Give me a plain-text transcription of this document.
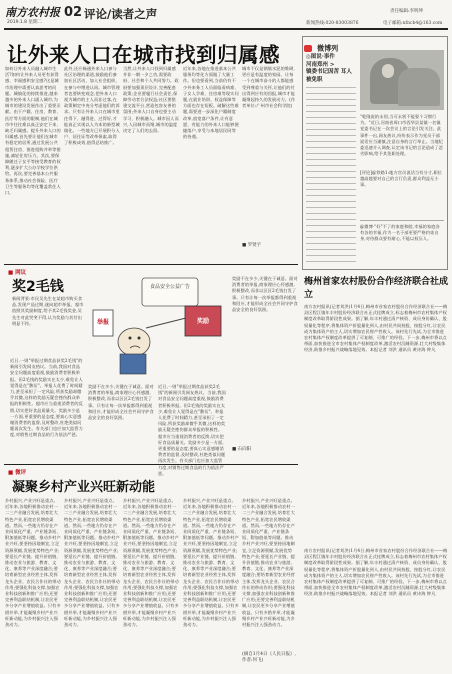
南方农村报
2019.1.8 星期二
02 评论/读者之声	责任编辑:李明坤
新闻热线:020-83003876	电子邮箱:nfncb4@163.com
让外来人口在城市找到归属感
如何让外来人员融入城市生活?如何让外来人员更有获得感、幸福感和安全感?这是城市治理中需要认真思考的问题。城镇化的持续推进,越来越多的外来人口涌入城市,为城市的建设发展作出了重要贡献。由于户籍、住房、教育、医疗等方面的限制,他们在城市中往往难以真正安定下来,缺乏归属感。提升外来人口的归属感,首先要让他们在城市有稳定的居所,通过发展公共租赁住房、推进租购并举等措施,减轻住房压力。其次,要保障随迁子女平等接受教育的权利,逐步扩大公办学校学位供给。再次,要完善基本公共服务体系,推动社会保险、医疗卫生等服务均等化覆盖常住人口。
此外,还应畅通外来人口参与社区治理的渠道,鼓励他们参加社区活动、加入社会组织,在参与中增进认同。城市管理者也要转变观念,把外来人口视为城市的主人而非过客,在政策制定中充分考虑他们的诉求。只有让外来人口在城市里住得下、融得进、过得好,才能真正实现以人为本的新型城镇化。一些地方已开展积分入户、居住证等改革探索,取得了积极成效,值得总结推广。
当然,让外来人口找到归属感并非一朝一夕之功,需要政府、社会和个人共同努力。政府要加强顶层设计,完善配套政策;企业要履行社会责任,保障劳动者合法权益;社区要搭建交流平台,营造包容友善的氛围;外来人口自身也要主动学习、积极融入。城市因人而兴,人因城市而聚,城市的温度决定了人们的去留。
近年来,各地在推进基本公共服务均等化方面做了大量工作。但也要看到,当前仍有不少外来务工人员面临看病难、子女入学难、住房难等现实问题,在就业培训、权益保障等方面也存在短板。破解这些难题,需要进一步深化户籍制度改革,放宽落户条件,让有意愿、有能力的外来人口能够便捷落户,享受与本地居民同等的待遇。
城市不仅是钢筋水泥的堆砌,更应是有温度的家园。让每一个在城市奋斗的人都能感受到尊重与关怀,让他们的付出得到应有的回报,城市才能凝聚起持久的发展动力。(作者单位:广州市社会科学院)
■ 罗贤宇
微博列
◎图说·事件
河南郑州 >
镇委书记因苦 耳人被免职
"乾隆说的永别,当可永别不能耍个习惯行为。"近日,河南省周口市西华县某镇一名镇党委书记在一次会议上的言论引发关注。此事件一出,网友热议,纷纷表示作为党员干部说话应当谨慎,注意自身的言行举止。当地纪委迅速介入调查,认定该书记的言论造成了恶劣影响,给予其免职处理。
[评论]@铁路1:地方官员说话当有分寸,职位越高越要对自己的言行负责,群众利益无小事。
@微博·"好"不了的家庭和睦,幸福的家庭各有各的幸福,作为一名干部更要严格约束自身,对待群众要有耐心,不能以权压人。
梅州首家农村股份合作经济联合社成立
南方农村报讯(记者刘洪)1月4日,梅州市首家农村股份合作经济联合社——梅县区程江镇年丰村股份经济联合社正式挂牌成立,标志着梅州市农村集体产权制度改革取得阶段性成果。据了解,年丰村通过清产核资、成员身份确认、股权量化等程序,将集体资产折股量化到人,由村民共同持股、按股分红,让农民成为集体资产的主人,切实增加农民财产性收入。该村先行先试,为全市推进农村集体产权制度改革提供了可复制、可推广的经验。下一步,梅州市将以点带面,加快推进全市农村集体产权制度改革,激活农村沉睡资源,壮大村级集体经济,助推乡村振兴战略落地见效。本报记者 刘洪 通讯员 黄诗海 钟凡
南方农村报讯(记者刘洪)1月4日,梅州市首家农村股份合作经济联合社——梅县区程江镇年丰村股份经济联合社正式挂牌成立,标志着梅州市农村集体产权制度改革取得阶段性成果。据了解,年丰村通过清产核资、成员身份确认、股权量化等程序,将集体资产折股量化到人,由村民共同持股、按股分红,让农民成为集体资产的主人,切实增加农民财产性收入。该村先行先试,为全市推进农村集体产权制度改革提供了可复制、可推广的经验。下一步,梅州市将以点带面,加快推进全市农村集体产权制度改革,激活农村沉睡资源,壮大村级集体经济,助推乡村振兴战略落地见效。本报记者 刘洪 通讯员 黄诗海 钟凡
■ 网议
奖2毛钱
新闻背景:市民吴先生在某超市购买食品,发现产品过期,遂向超市举报。超市依照其奖励制度,给予其2毛钱奖金,吴先生对此哭笑不得,认为奖励与其付出明显不符。
近日,一则"举报过期食品获奖2毛钱"的新闻引发网友热议。当前,我国对食品安全问题高度重视,鼓励消费者积极举报。但2毛钱的奖励实在太少,难免让人觉得是在"敷衍"。举报人花费了时间精力,甚至承担了一定风险,所获奖励却微乎其微,这样的奖励无疑会挫伤群众举报的积极性。超市应当重视消费者的反馈,切实把好食品质量关。奖励多少是一方面,更重要的是态度,要真心实意感谢消费者的监督,及时整改,杜绝类似问题再次发生。有关部门也应加大监管力度,对销售过期食品的行为依法严惩。
奖励不在多少,关键在于诚意。面对消费者的举报,商家理应心怀感激,积极整改,而非以区区2毛钱打发了事。只有让每一次举报都得到重视和回应,才能形成全社会共同守护食品安全的良好氛围。
食品安全公益广告
举报	奖励
近日,一则"举报过期食品获奖2毛钱"的新闻引发网友热议。当前,我国对食品安全问题高度重视,鼓励消费者积极举报。但2毛钱的奖励实在太少,难免让人觉得是在"敷衍"。举报人花费了时间精力,甚至承担了一定风险,所获奖励却微乎其微,这样的奖励无疑会挫伤群众举报的积极性。超市应当重视消费者的反馈,切实把好食品质量关。奖励多少是一方面,更重要的是态度,要真心实意感谢消费者的监督,及时整改,杜绝类似问题再次发生。有关部门也应加大监管力度,对销售过期食品的行为依法严惩。
奖励不在多少,关键在于诚意。面对消费者的举报,商家理应心怀感激,积极整改,而非以区区2毛钱打发了事。只有让每一次举报都得到重视和回应,才能形成全社会共同守护食品安全的良好氛围。
■ 石向阳
■ 微评
凝聚乡村产业兴旺新动能
乡村振兴,产业兴旺是重点。近年来,各地积极推动农村一二三产业融合发展,培育壮大特色产业,拓宽农民增收渠道。然而,一些地方仍存在产业同质化严重、产业链条短、附加值低等问题。推动乡村产业兴旺,要坚持因地制宜,立足资源禀赋,发展优势特色产业;要延长产业链、提升价值链,推动农业与旅游、教育、文化、康养等产业深度融合;要培育新型农业经营主体,发挥龙头企业、农民合作社的带动作用;要强化科技支撑,加强农业科技创新和推广应用;还要完善利益联结机制,让农民更多分享产业增值收益。只有多措并举,才能凝聚乡村产业兴旺新动能,为乡村振兴注入强劲动力。
乡村振兴,产业兴旺是重点。近年来,各地积极推动农村一二三产业融合发展,培育壮大特色产业,拓宽农民增收渠道。然而,一些地方仍存在产业同质化严重、产业链条短、附加值低等问题。推动乡村产业兴旺,要坚持因地制宜,立足资源禀赋,发展优势特色产业;要延长产业链、提升价值链,推动农业与旅游、教育、文化、康养等产业深度融合;要培育新型农业经营主体,发挥龙头企业、农民合作社的带动作用;要强化科技支撑,加强农业科技创新和推广应用;还要完善利益联结机制,让农民更多分享产业增值收益。只有多措并举,才能凝聚乡村产业兴旺新动能,为乡村振兴注入强劲动力。
乡村振兴,产业兴旺是重点。近年来,各地积极推动农村一二三产业融合发展,培育壮大特色产业,拓宽农民增收渠道。然而,一些地方仍存在产业同质化严重、产业链条短、附加值低等问题。推动乡村产业兴旺,要坚持因地制宜,立足资源禀赋,发展优势特色产业;要延长产业链、提升价值链,推动农业与旅游、教育、文化、康养等产业深度融合;要培育新型农业经营主体,发挥龙头企业、农民合作社的带动作用;要强化科技支撑,加强农业科技创新和推广应用;还要完善利益联结机制,让农民更多分享产业增值收益。只有多措并举,才能凝聚乡村产业兴旺新动能,为乡村振兴注入强劲动力。
乡村振兴,产业兴旺是重点。近年来,各地积极推动农村一二三产业融合发展,培育壮大特色产业,拓宽农民增收渠道。然而,一些地方仍存在产业同质化严重、产业链条短、附加值低等问题。推动乡村产业兴旺,要坚持因地制宜,立足资源禀赋,发展优势特色产业;要延长产业链、提升价值链,推动农业与旅游、教育、文化、康养等产业深度融合;要培育新型农业经营主体,发挥龙头企业、农民合作社的带动作用;要强化科技支撑,加强农业科技创新和推广应用;还要完善利益联结机制,让农民更多分享产业增值收益。只有多措并举,才能凝聚乡村产业兴旺新动能,为乡村振兴注入强劲动力。
乡村振兴,产业兴旺是重点。近年来,各地积极推动农村一二三产业融合发展,培育壮大特色产业,拓宽农民增收渠道。然而,一些地方仍存在产业同质化严重、产业链条短、附加值低等问题。推动乡村产业兴旺,要坚持因地制宜,立足资源禀赋,发展优势特色产业;要延长产业链、提升价值链,推动农业与旅游、教育、文化、康养等产业深度融合;要培育新型农业经营主体,发挥龙头企业、农民合作社的带动作用;要强化科技支撑,加强农业科技创新和推广应用;还要完善利益联结机制,让农民更多分享产业增值收益。只有多措并举,才能凝聚乡村产业兴旺新动能,为乡村振兴注入强劲动力。
(摘自1月4日《人民日报》,作者:何飞)
